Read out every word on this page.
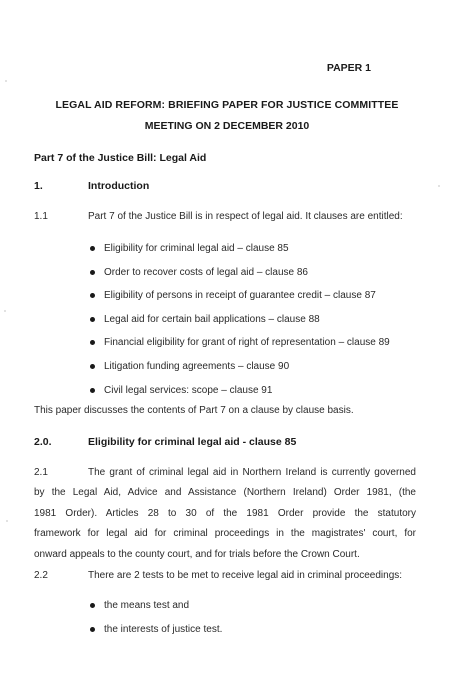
PAPER 1
LEGAL AID REFORM: BRIEFING PAPER FOR JUSTICE COMMITTEE
MEETING ON 2 DECEMBER 2010
Part 7 of the Justice Bill: Legal Aid
1.	Introduction
1.1	Part 7 of the Justice Bill is in respect of legal aid. It clauses are entitled:
Eligibility for criminal legal aid – clause 85
Order to recover costs of legal aid – clause 86
Eligibility of persons in receipt of guarantee credit – clause 87
Legal aid for certain bail applications – clause 88
Financial eligibility for grant of right of representation – clause 89
Litigation funding agreements – clause 90
Civil legal services: scope – clause 91
This paper discusses the contents of Part 7 on a clause by clause basis.
2.0.	Eligibility for criminal legal aid - clause 85
2.1	The grant of criminal legal aid in Northern Ireland is currently governed
by the Legal Aid, Advice and Assistance (Northern Ireland) Order 1981, (the
1981 Order). Articles 28 to 30 of the 1981 Order provide the statutory
framework for legal aid for criminal proceedings in the magistrates' court, for
onward appeals to the county court, and for trials before the Crown Court.
2.2	There are 2 tests to be met to receive legal aid in criminal proceedings:
the means test and
the interests of justice test.
